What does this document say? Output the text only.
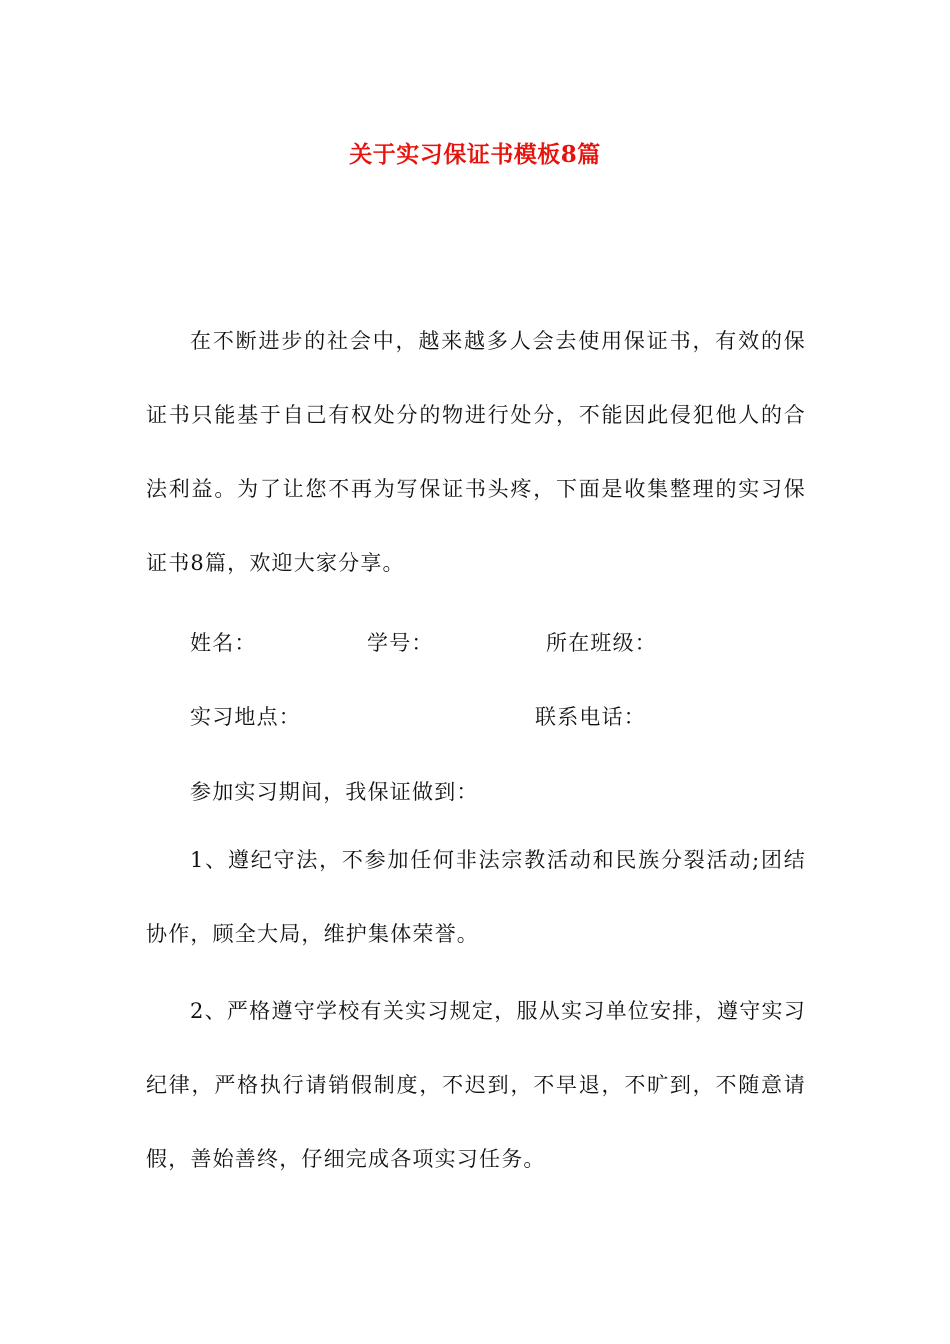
关于实习保证书模板8篇

在不断进步的社会中，越来越多人会去使用保证书，有效的保证书只能基于自己有权处分的物进行处分，不能因此侵犯他人的合法利益。为了让您不再为写保证书头疼，下面是收集整理的实习保证书8篇，欢迎大家分享。

姓名：	学号：	所在班级：
实习地点：	联系电话：
参加实习期间，我保证做到：

1、遵纪守法，不参加任何非法宗教活动和民族分裂活动;团结协作，顾全大局，维护集体荣誉。

2、严格遵守学校有关实习规定，服从实习单位安排，遵守实习纪律，严格执行请销假制度，不迟到，不早退，不旷到，不随意请假，善始善终，仔细完成各项实习任务。
